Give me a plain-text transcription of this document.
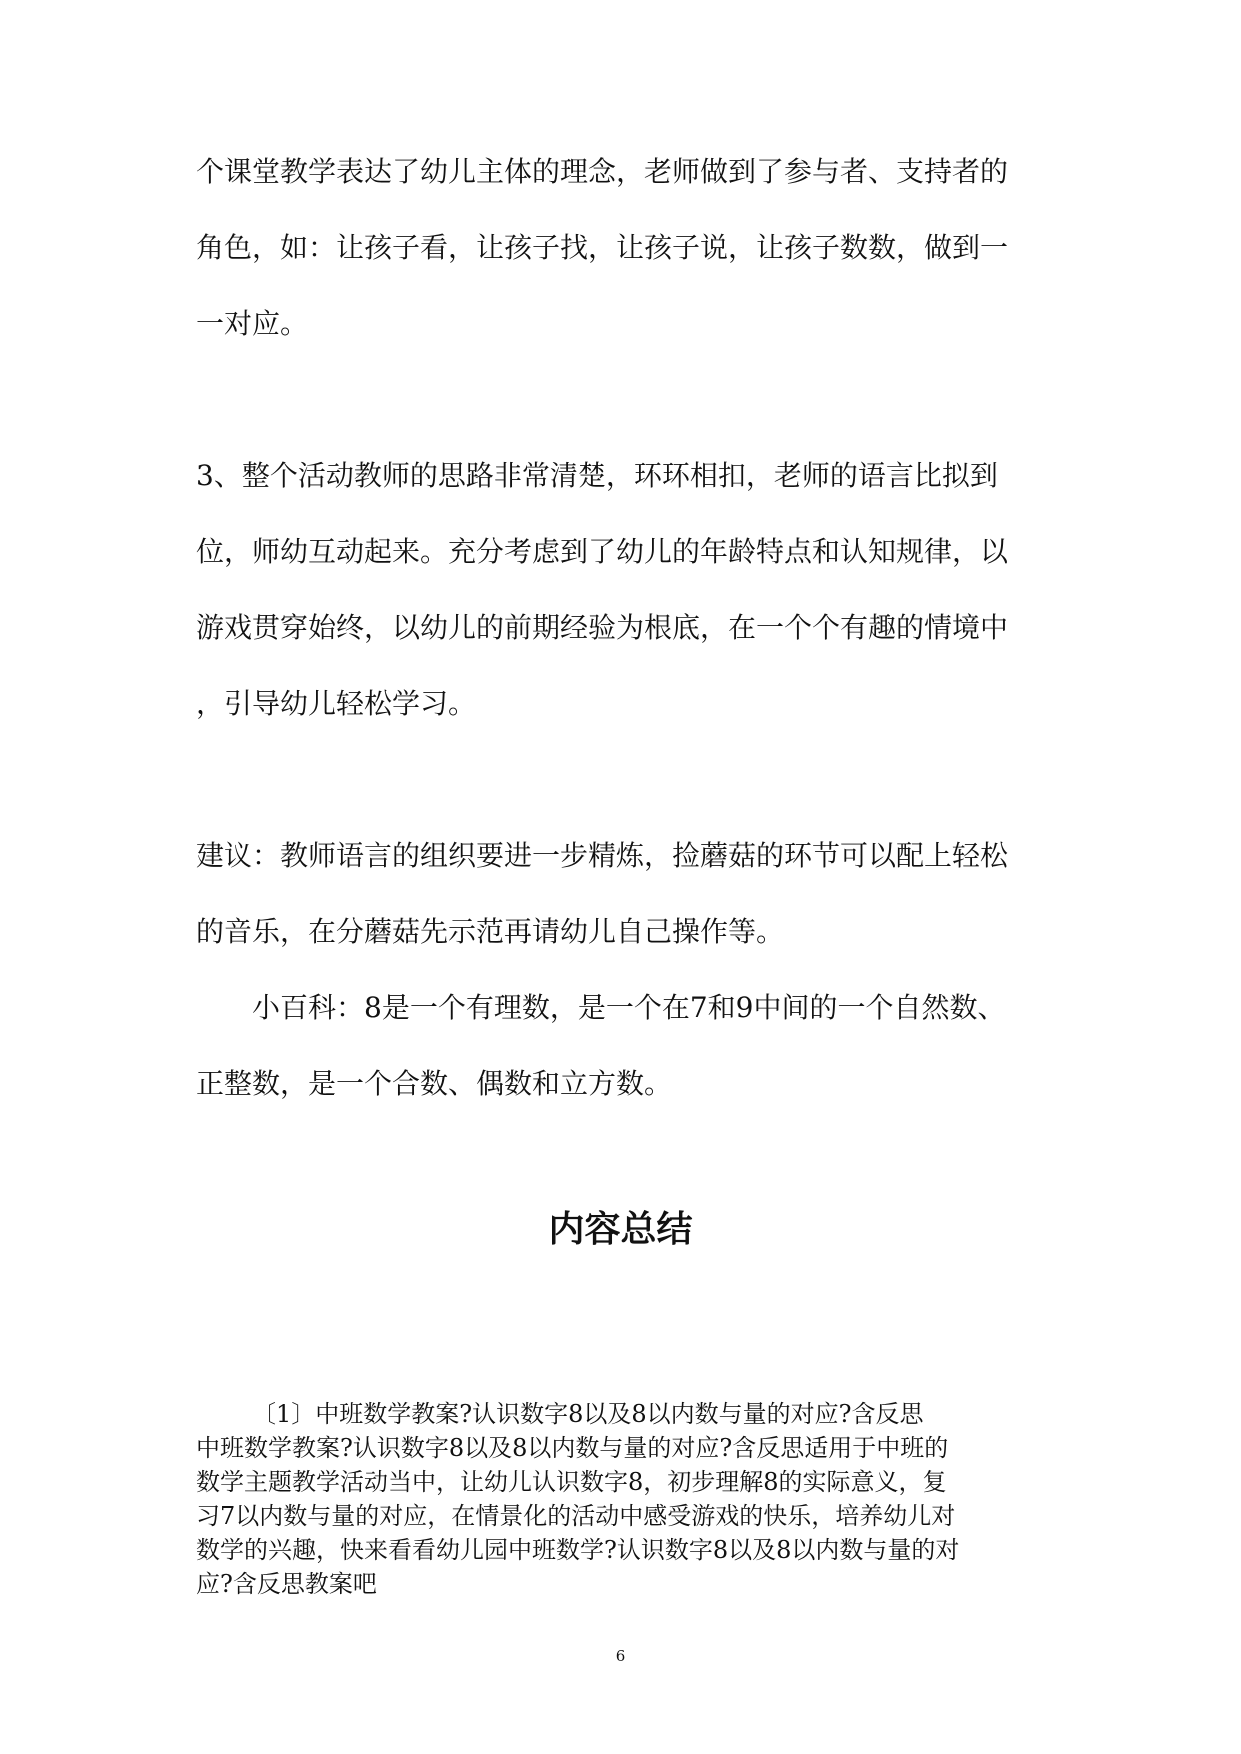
个课堂教学表达了幼儿主体的理念，老师做到了参与者、支持者的
角色，如：让孩子看，让孩子找，让孩子说，让孩子数数，做到一
一对应。
3、整个活动教师的思路非常清楚，环环相扣，老师的语言比拟到
位，师幼互动起来。充分考虑到了幼儿的年龄特点和认知规律，以
游戏贯穿始终，以幼儿的前期经验为根底，在一个个有趣的情境中
，引导幼儿轻松学习。
建议：教师语言的组织要进一步精炼，捡蘑菇的环节可以配上轻松
的音乐，在分蘑菇先示范再请幼儿自己操作等。
小百科：8是一个有理数，是一个在7和9中间的一个自然数、
正整数，是一个合数、偶数和立方数。
内容总结
〔1〕中班数学教案?认识数字8以及8以内数与量的对应?含反思
中班数学教案?认识数字8以及8以内数与量的对应?含反思适用于中班的
数学主题教学活动当中，让幼儿认识数字8，初步理解8的实际意义，复
习7以内数与量的对应，在情景化的活动中感受游戏的快乐，培养幼儿对
数学的兴趣，快来看看幼儿园中班数学?认识数字8以及8以内数与量的对
应?含反思教案吧
6
